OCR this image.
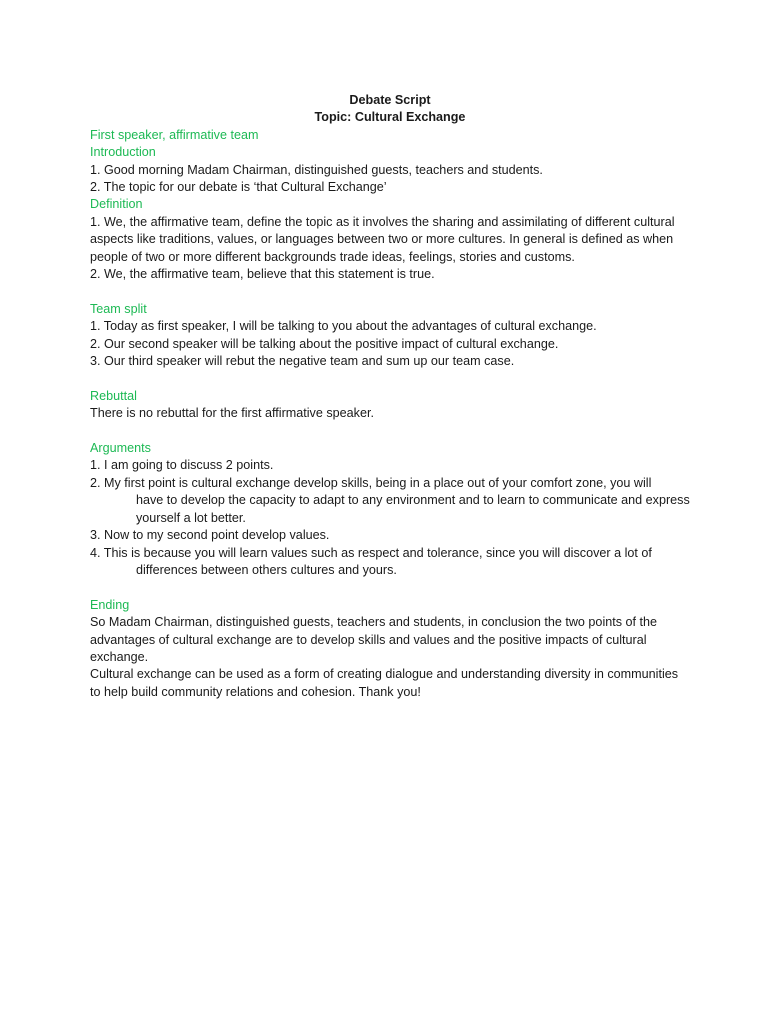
Debate Script
Topic: Cultural Exchange
First speaker, affirmative team
Introduction
1. Good morning Madam Chairman, distinguished guests, teachers and students.
2. The topic for our debate is ‘that Cultural Exchange’
Definition
1. We, the affirmative team, define the topic as it involves the sharing and assimilating of different cultural aspects like traditions, values, or languages between two or more cultures. In general is defined as when people of two or more different backgrounds trade ideas, feelings, stories and customs.
2. We, the affirmative team, believe that this statement is true.
Team split
1. Today as first speaker, I will be talking to you about the advantages of cultural exchange.
2. Our second speaker will be talking about the positive impact of cultural exchange.
3. Our third speaker will rebut the negative team and sum up our team case.
Rebuttal
There is no rebuttal for the first affirmative speaker.
Arguments
1. I am going to discuss 2 points.
2. My first point is cultural exchange develop skills, being in a place out of your comfort zone, you will
have to develop the capacity to adapt to any environment and to learn to communicate and express yourself a lot better.
3. Now to my second point develop values.
4. This is because you will learn values such as respect and tolerance, since you will discover a lot of
differences between others cultures and yours.
Ending
So Madam Chairman, distinguished guests, teachers and students, in conclusion the two points of the advantages of cultural exchange are to develop skills and values and the positive impacts of cultural exchange.
Cultural exchange can be used as a form of creating dialogue and understanding diversity in communities to help build community relations and cohesion. Thank you!
